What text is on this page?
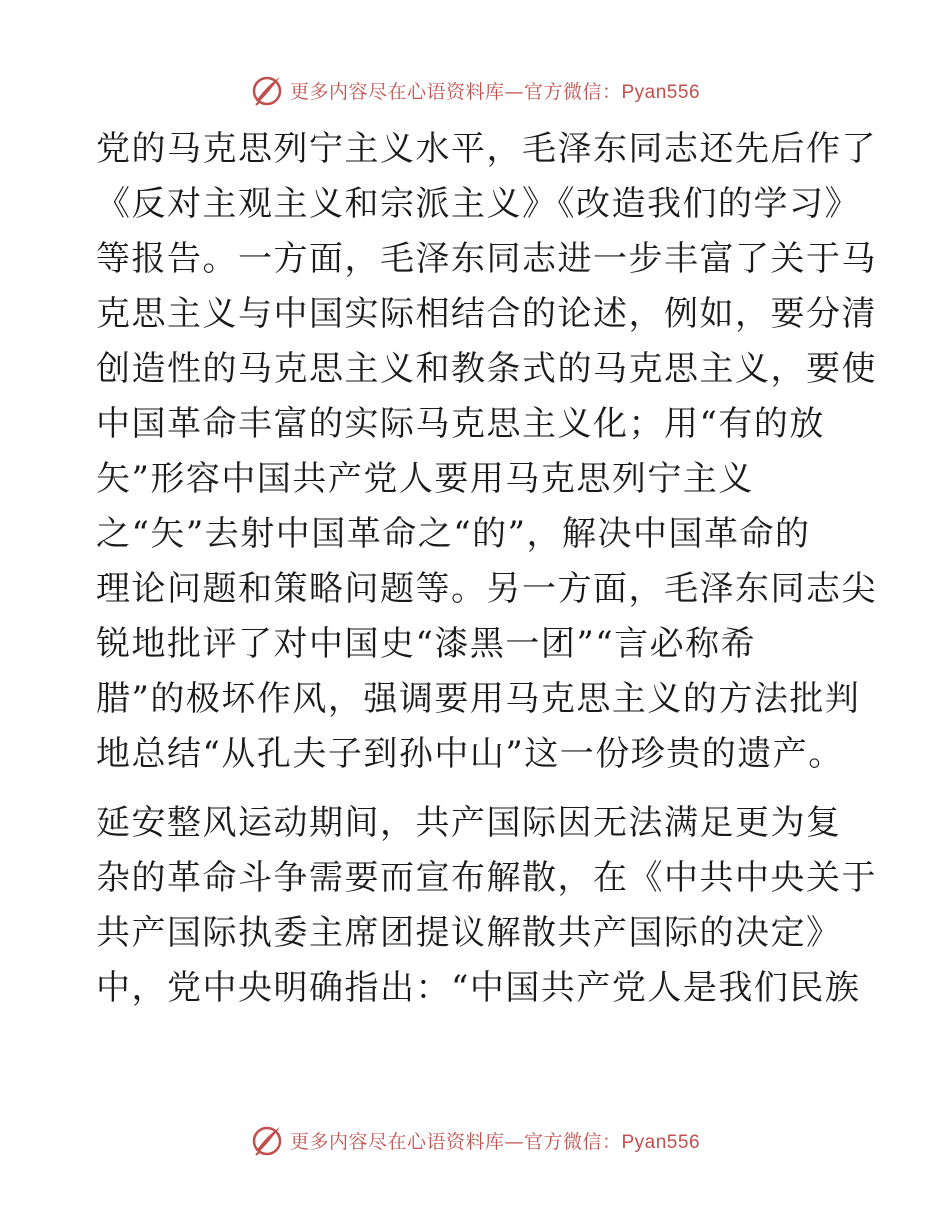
更多内容尽在心语资料库—官方微信：Pyan556
党的马克思列宁主义水平，毛泽东同志还先后作了
《反对主观主义和宗派主义》《改造我们的学习》
等报告。一方面，毛泽东同志进一步丰富了关于马
克思主义与中国实际相结合的论述，例如，要分清
创造性的马克思主义和教条式的马克思主义，要使
中国革命丰富的实际马克思主义化；用“有的放
矢”形容中国共产党人要用马克思列宁主义
之“矢”去射中国革命之“的”，解决中国革命的
理论问题和策略问题等。另一方面，毛泽东同志尖
锐地批评了对中国史“漆黑一团”“言必称希
腊”的极坏作风，强调要用马克思主义的方法批判
地总结“从孔夫子到孙中山”这一份珍贵的遗产。
延安整风运动期间，共产国际因无法满足更为复
杂的革命斗争需要而宣布解散，在《中共中央关于
共产国际执委主席团提议解散共产国际的决定》
中，党中央明确指出：“中国共产党人是我们民族
更多内容尽在心语资料库—官方微信：Pyan556
